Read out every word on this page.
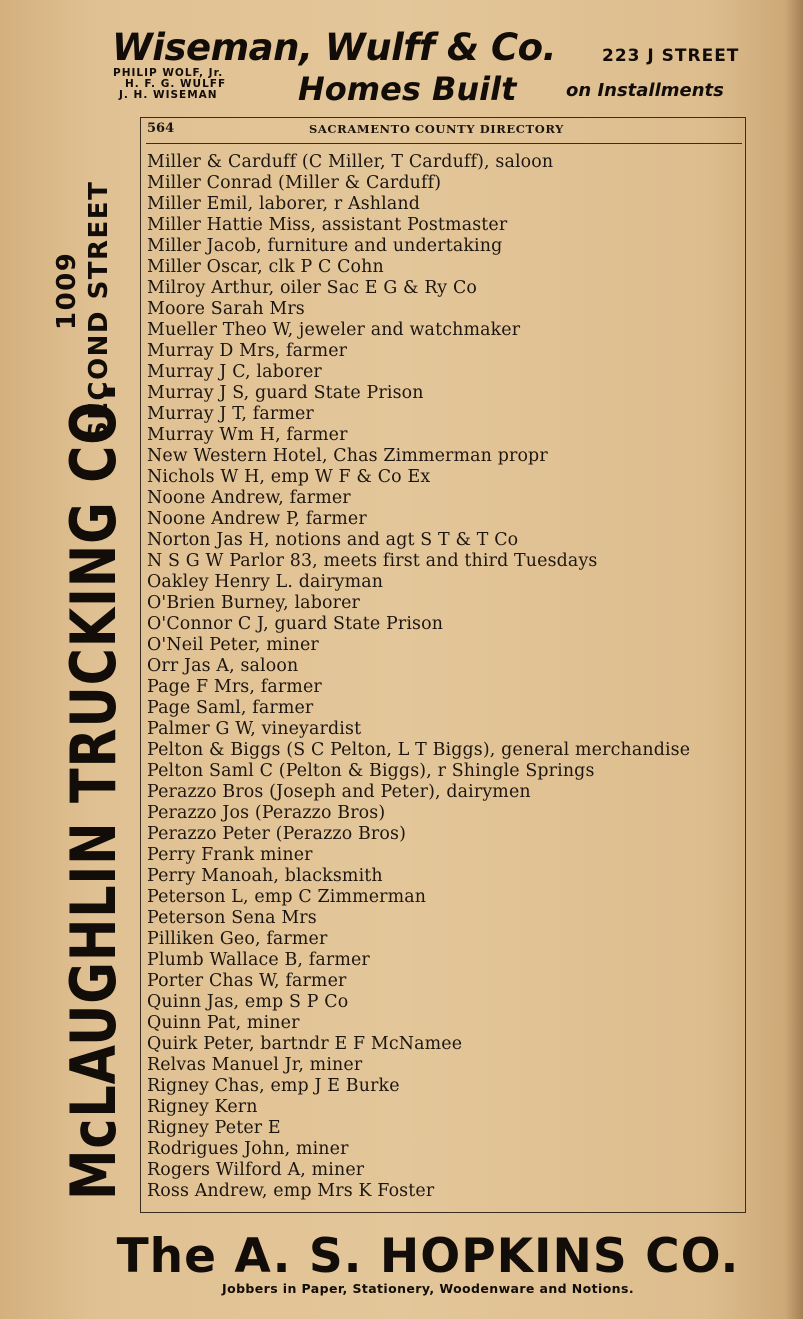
Wiseman, Wulff & Co.	223 J STREET
PHILIP WOLF, Jr.
H. F. G. WULFF
J. H. WISEMAN	Homes Built	on Installments
McLAUGHLIN TRUCKING CO.
SECOND STREET
1009
564	SACRAMENTO COUNTY DIRECTORY
Miller & Carduff (C Miller, T Carduff), saloon
Miller Conrad (Miller & Carduff)
Miller Emil, laborer, r Ashland
Miller Hattie Miss, assistant Postmaster
Miller Jacob, furniture and undertaking
Miller Oscar, clk P C Cohn
Milroy Arthur, oiler Sac E G & Ry Co
Moore Sarah Mrs
Mueller Theo W, jeweler and watchmaker
Murray D Mrs, farmer
Murray J C, laborer
Murray J S, guard State Prison
Murray J T, farmer
Murray Wm H, farmer
New Western Hotel, Chas Zimmerman propr
Nichols W H, emp W F & Co Ex
Noone Andrew, farmer
Noone Andrew P, farmer
Norton Jas H, notions and agt S T & T Co
N S G W Parlor 83, meets first and third Tuesdays
Oakley Henry L. dairyman
O'Brien Burney, laborer
O'Connor C J, guard State Prison
O'Neil Peter, miner
Orr Jas A, saloon
Page F Mrs, farmer
Page Saml, farmer
Palmer G W, vineyardist
Pelton & Biggs (S C Pelton, L T Biggs), general merchandise
Pelton Saml C (Pelton & Biggs), r Shingle Springs
Perazzo Bros (Joseph and Peter), dairymen
Perazzo Jos (Perazzo Bros)
Perazzo Peter (Perazzo Bros)
Perry Frank miner
Perry Manoah, blacksmith
Peterson L, emp C Zimmerman
Peterson Sena Mrs
Pilliken Geo, farmer
Plumb Wallace B, farmer
Porter Chas W, farmer
Quinn Jas, emp S P Co
Quinn Pat, miner
Quirk Peter, bartndr E F McNamee
Relvas Manuel Jr, miner
Rigney Chas, emp J E Burke
Rigney Kern
Rigney Peter E
Rodrigues John, miner
Rogers Wilford A, miner
Ross Andrew, emp Mrs K Foster
The A. S. HOPKINS CO.
Jobbers in Paper, Stationery, Woodenware and Notions.
